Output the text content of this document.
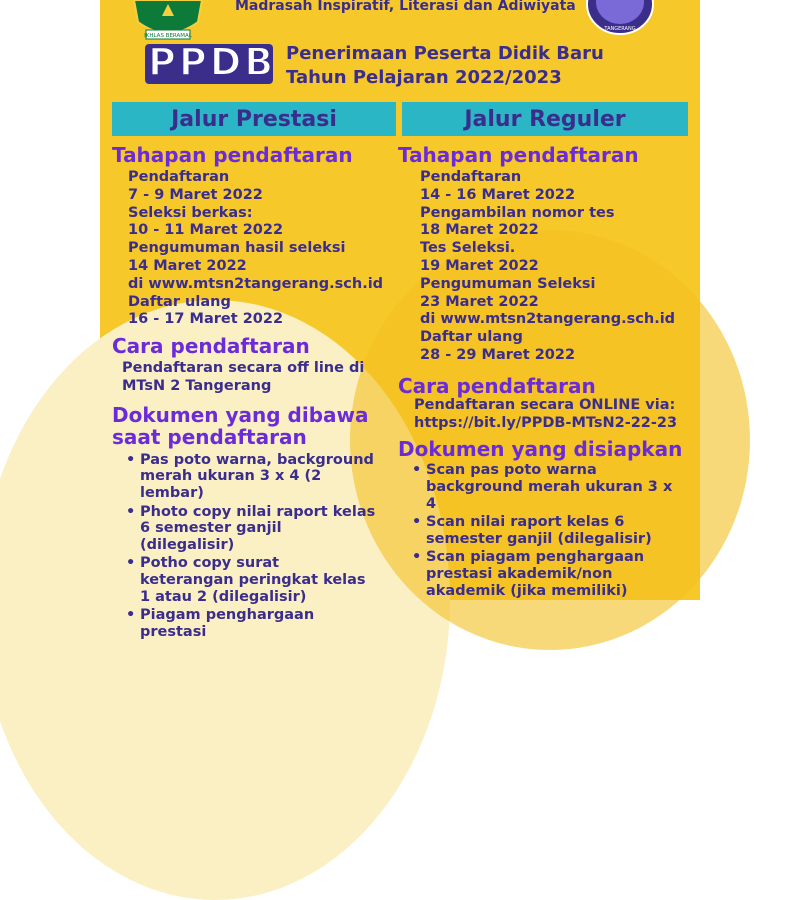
IKHLAS BERAMAL
TANGERANG
Madrasah Inspiratif, Literasi dan Adiwiyata
PPDB Penerimaan Peserta Didik Baru
Tahun Pelajaran 2022/2023
Jalur Prestasi	Jalur Reguler
Tahapan pendaftaran
Pendaftaran
7 - 9 Maret 2022
Seleksi berkas:
10 - 11 Maret 2022
Pengumuman hasil seleksi
14 Maret 2022
di www.mtsn2tangerang.sch.id
Daftar ulang
16 - 17 Maret 2022
Cara pendaftaran
Pendaftaran secara off line di
MTsN 2 Tangerang
Dokumen yang dibawa
saat pendaftaran
• Pas poto warna, background merah ukuran 3 x 4 (2 lembar)
• Photo copy nilai raport kelas 6 semester ganjil (dilegalisir)
• Potho copy surat keterangan peringkat kelas 1 atau 2 (dilegalisir)
• Piagam penghargaan prestasi
Tahapan pendaftaran
Pendaftaran
14 - 16 Maret 2022
Pengambilan nomor tes
18 Maret 2022
Tes Seleksi.
19 Maret 2022
Pengumuman Seleksi
23 Maret 2022
di www.mtsn2tangerang.sch.id
Daftar ulang
28 - 29 Maret 2022
Cara pendaftaran
Pendaftaran secara ONLINE via:
https://bit.ly/PPDB-MTsN2-22-23
Dokumen yang disiapkan
• Scan pas poto warna background merah ukuran 3 x 4
• Scan nilai raport kelas 6 semester ganjil (dilegalisir)
• Scan piagam penghargaan prestasi akademik/non akademik (jika memiliki)
